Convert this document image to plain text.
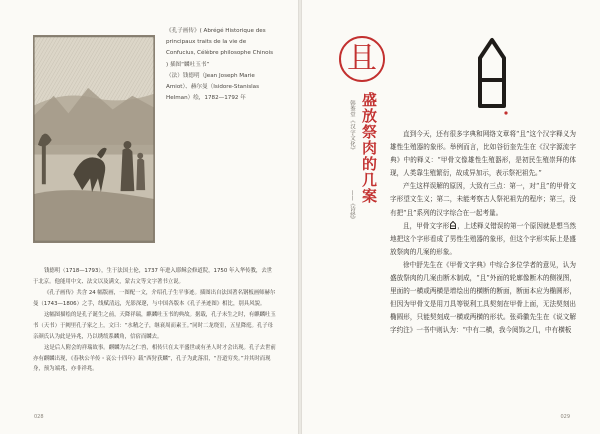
《孔子画传》( Abrégé Historique des principaux traits de la vie de Confucius, Célèbre philosophe Chinois ) 插图“麟吐玉书”
（法）钱德明（Jean Joseph Marie Amiot）、赫尔曼（Isidore-Stanislas Helman）绘，1782—1792 年

钱德明（1718—1793），生于法国土伦，1737 年进入耶稣会修道院，1750 年入华传教，去世于北京。他能用中文、法文以及满文，蒙古文等文字著书立说。

《孔子画传》共含 24 幅版画，一图配一文，介绍孔子生平事迹。插图出自法国著名钢板画师赫尔曼（1743—1806）之手，线赋清远，光影深邃，与中国各版本《孔子圣迹图》相比，别具风貌。

这幅图描绘的是孔子诞生之前，天降祥瑞，麒麟吐玉书的典故。据载，孔子未生之时，有麒麟吐玉书（天书）于阙里孔子家之上，文曰：“水精之子，继衰周而素王。”同时二龙绕室，五星降庭。孔子母亲颜氏认为此是异兆，乃以绣绂系麟角，信宿而麟去。

这是后人附会的祥瑞故事。麒麟为古之仁兽，相传只在太平盛世或有圣人时才会出现。孔子去世前亦有麒麟出现，《春秋公羊传・哀公十四年》载“西狩获麟”，孔子为此落泪，“吾道穷矣。”并其时而现身，预为端兆，亦非祥兆。

028
且
盛放祭肉的几案
韩鉴堂《汉字文化》
——《诗经》

直到今天，还有很多字典和网络文章将“且”这个汉字释义为雄性生殖器的象形。举例而言，比如谷衍奎先生在《汉字源流字典》中的释义：“甲骨文像雄性生殖器形，是初民生殖崇拜的体现，人类靠生殖繁衍，故成异加示，表示祭祀祖先。”

产生这样误解的原因，大致有三点：第一，对“且”的甲骨文字形望文生义；第二，未能考察古人祭祀祖先的程序；第三，没有把“且”系列的汉字综合在一起考量。

且，甲骨文字形 ，上述释义错误的第一个原因就是想当然地把这个字形看成了男性生殖器的象形，但这个字形实际上是盛放祭肉的几案的形象。

徐中舒先生在《甲骨文字典》中综合多位学者的意见，认为盛放祭肉的几案由断木制成，“且”外面的轮廓像断木的侧视图，里面的一横或两横是增绘出的横断的断面，断面本应为椭圆形，但因为甲骨文是用刀具等锐利工具契刻在甲骨上面，无法契刻出椭圆形，只能契刻成一横或两横的形状。张舜徽先生在《说文解字约注》一书中则认为：“中有二横，我今阅饰之几，中有横板

029
